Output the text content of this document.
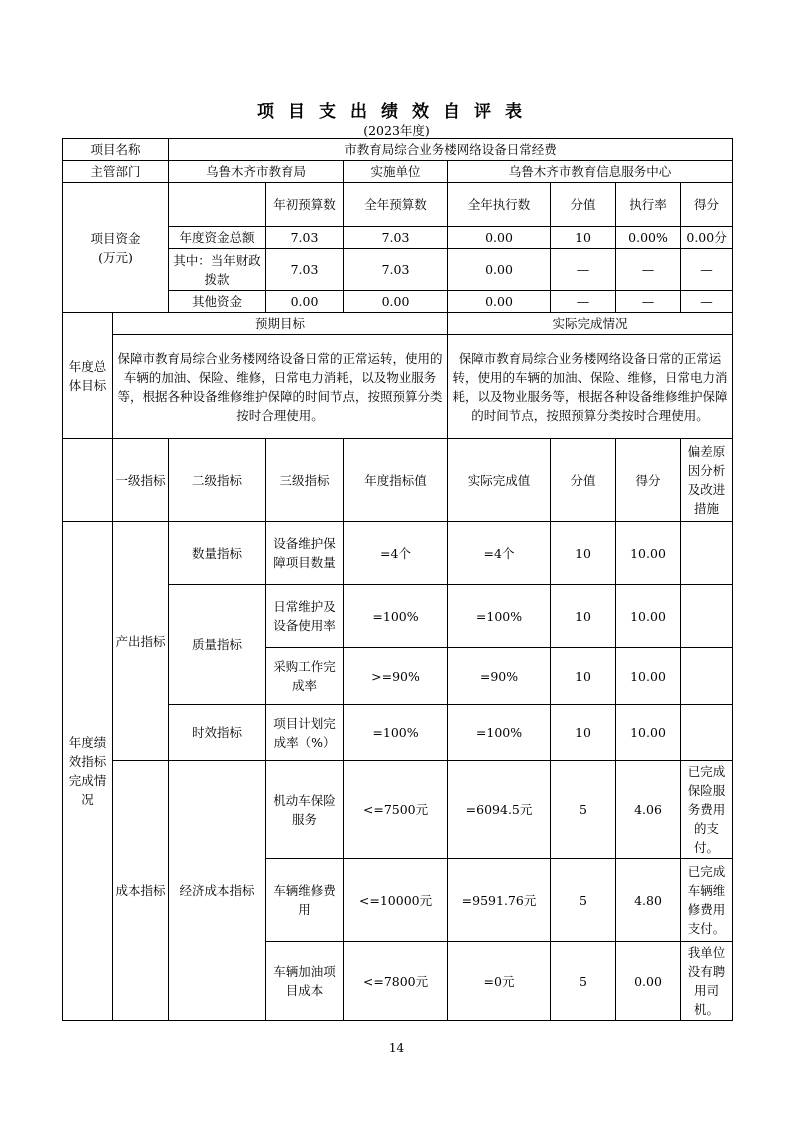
项目支出绩效自评表
(2023年度)
项目名称		市教育局综合业务楼网络设备日常经费						
主管部门		乌鲁木齐市教育局		实施单位	乌鲁木齐市教育信息服务中心			
项目资金
(万元)			年初预算数	全年预算数	全年执行数	分值	执行率	得分
		年度资金总额	7.03	7.03	0.00	10	0.00%	0.00分
		其中：当年财政拨款	7.03	7.03	0.00	—	—	—
		其他资金	0.00	0.00	0.00	—	—	—
年度总体目标	预期目标				实际完成情况			
	保障市教育局综合业务楼网络设备日常的正常运转，使用的车辆的加油、保险、维修，日常电力消耗，以及物业服务等，根据各种设备维修维护保障的时间节点，按照预算分类按时合理使用。				保障市教育局综合业务楼网络设备日常的正常运转，使用的车辆的加油、保险、维修，日常电力消耗，以及物业服务等，根据各种设备维修维护保障的时间节点，按照预算分类按时合理使用。			
	一级指标	二级指标	三级指标	年度指标值	实际完成值	分值	得分	偏差原因分析及改进措施
年度绩效指标完成情况	产出指标	数量指标	设备维护保障项目数量	=4个	=4个	10	10.00	
		质量指标	日常维护及设备使用率	=100%	=100%	10	10.00	
			采购工作完成率	>=90%	=90%	10	10.00	
		时效指标	项目计划完成率（%）	=100%	=100%	10	10.00	
	成本指标	经济成本指标	机动车保险服务	<=7500元	=6094.5元	5	4.06	已完成保险服务费用的支付。
			车辆维修费用	<=10000元	=9591.76元	5	4.80	已完成车辆维修费用支付。
			车辆加油项目成本	<=7800元	=0元	5	0.00	我单位没有聘用司机。
14
